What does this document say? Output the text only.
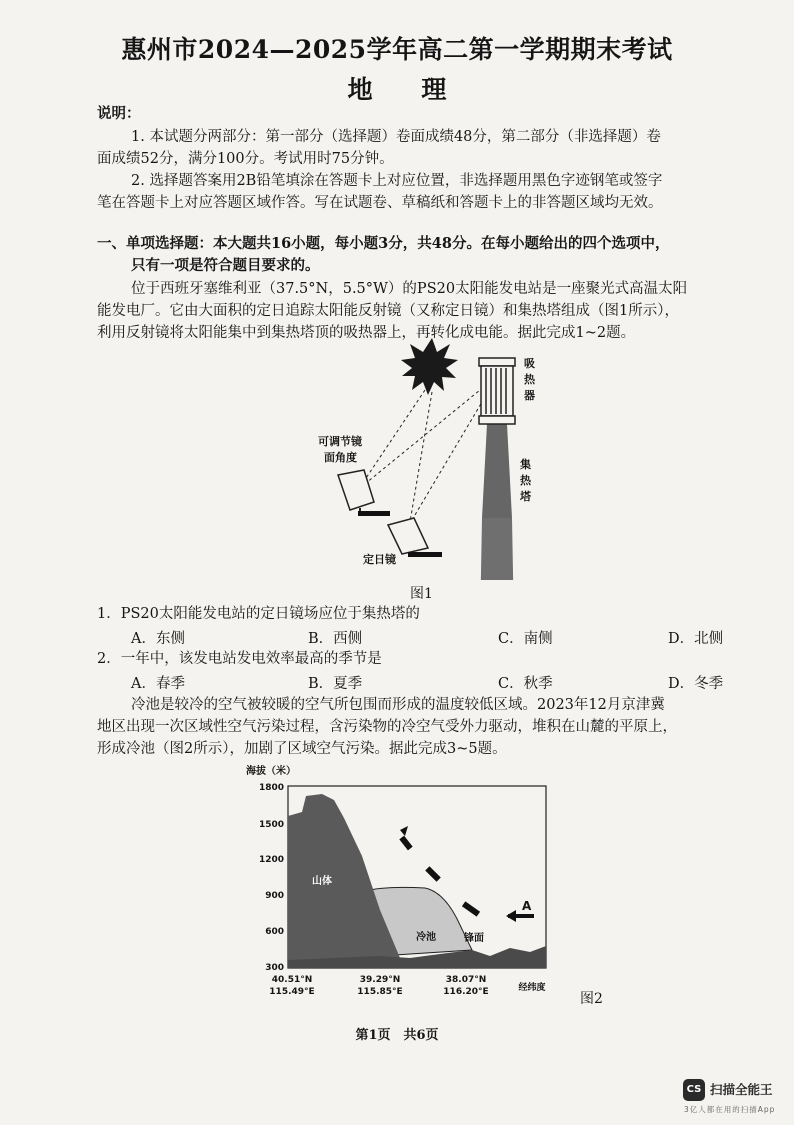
惠州市2024—2025学年高二第一学期期末考试
地 理
说明：
1. 本试题分两部分：第一部分（选择题）卷面成绩48分，第二部分（非选择题）卷
面成绩52分，满分100分。考试用时75分钟。
2. 选择题答案用2B铅笔填涂在答题卡上对应位置，非选择题用黑色字迹钢笔或签字
笔在答题卡上对应答题区域作答。写在试题卷、草稿纸和答题卡上的非答题区域均无效。
一、单项选择题：本大题共16小题，每小题3分，共48分。在每小题给出的四个选项中，
只有一项是符合题目要求的。
位于西班牙塞维利亚（37.5°N，5.5°W）的PS20太阳能发电站是一座聚光式高温太阳
能发电厂。它由大面积的定日追踪太阳能反射镜（又称定日镜）和集热塔组成（图1所示），
利用反射镜将太阳能集中到集热塔顶的吸热器上，再转化成电能。据此完成1~2题。
可调节镜
面角度
定日镜
吸
热
器
集
热
塔
图1
1．PS20太阳能发电站的定日镜场应位于集热塔的
A．东侧	B．西侧	C．南侧	D．北侧
2．一年中，该发电站发电效率最高的季节是
A．春季	B．夏季	C．秋季	D．冬季
冷池是较冷的空气被较暖的空气所包围而形成的温度较低区域。2023年12月京津冀
地区出现一次区域性空气污染过程，含污染物的冷空气受外力驱动，堆积在山麓的平原上，
形成冷池（图2所示），加剧了区域空气污染。据此完成3~5题。
海拔（米）
1800
1500
1200
900
600
300
山体
冷池	锋面
A
40.51°N
115.49°E
39.29°N
115.85°E
38.07°N
116.20°E	经纬度
图2
第1页　共6页
CS 扫描全能王
3亿人都在用的扫描App
